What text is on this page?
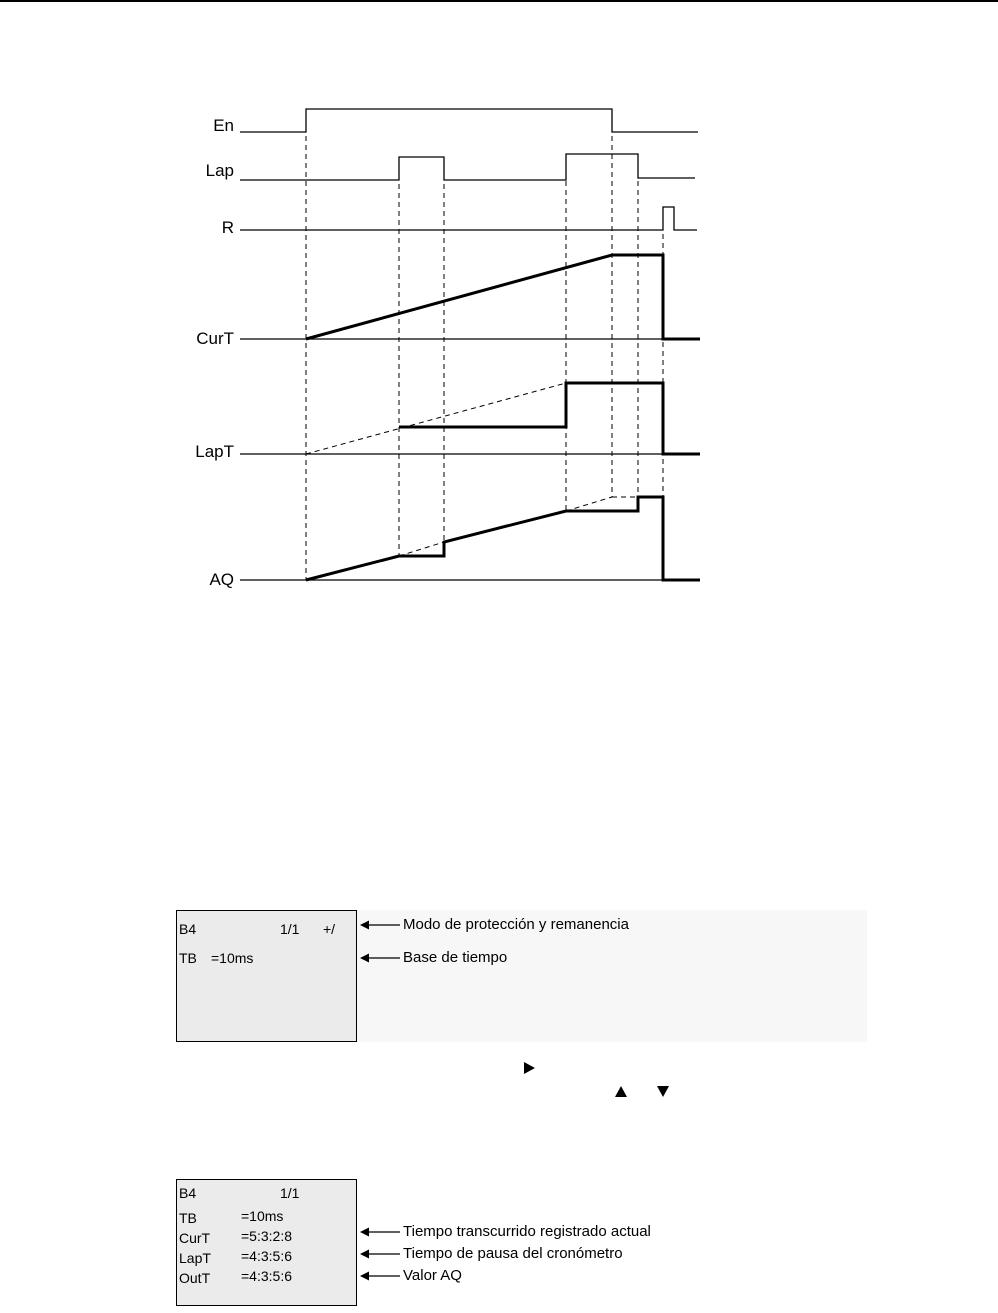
En
Lap
R
CurT
LapT
AQ
B4	1/1 +/
TB =10ms
Modo de protección y remanencia
Base de tiempo
B4	1/1
TB	=10ms
CurT =5:3:2:8
LapT =4:3:5:6
OutT =4:3:5:6
Tiempo transcurrido registrado actual
Tiempo de pausa del cronómetro
Valor AQ
